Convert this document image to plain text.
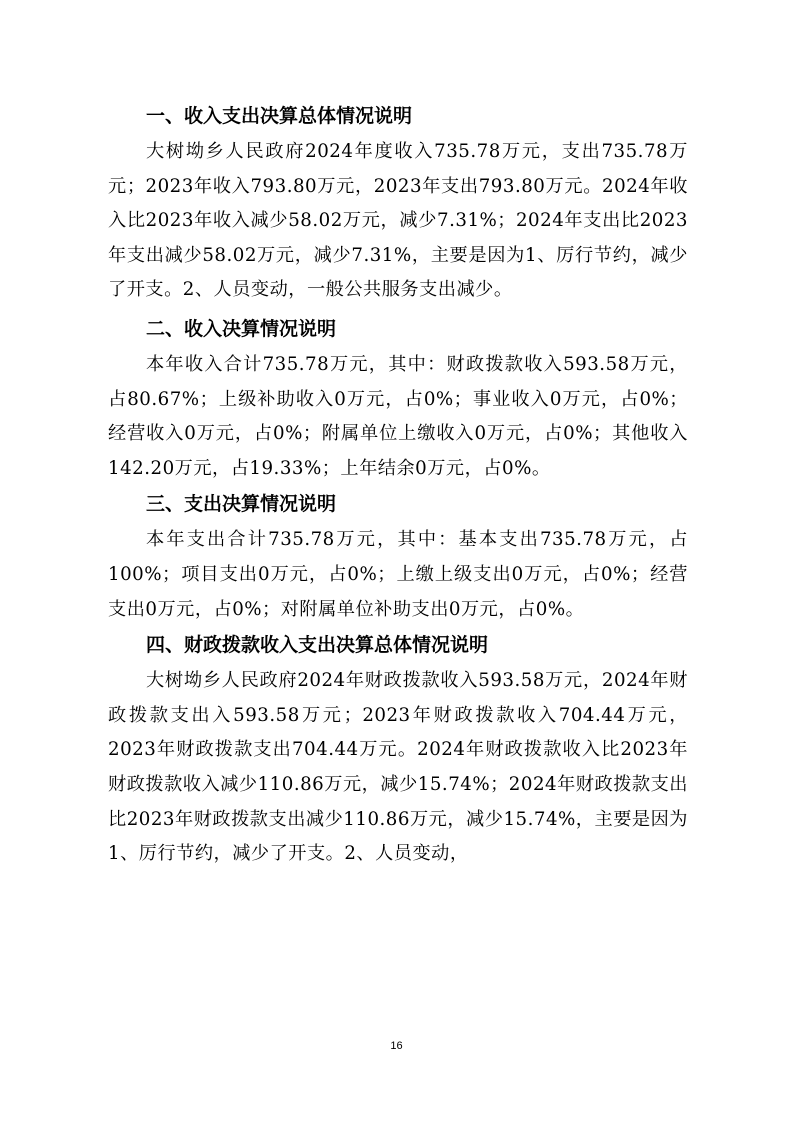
一、收入支出决算总体情况说明

大树坳乡人民政府2024年度收入735.78万元，支出735.78万元；2023年收入793.80万元，2023年支出793.80万元。2024年收入比2023年收入减少58.02万元，减少7.31%；2024年支出比2023年支出减少58.02万元，减少7.31%，主要是因为1、厉行节约，减少了开支。2、人员变动，一般公共服务支出减少。

二、收入决算情况说明

本年收入合计735.78万元，其中：财政拨款收入593.58万元，占80.67%；上级补助收入0万元，占0%；事业收入0万元，占0%；经营收入0万元，占0%；附属单位上缴收入0万元，占0%；其他收入142.20万元，占19.33%；上年结余0万元，占0%。

三、支出决算情况说明

本年支出合计735.78万元，其中：基本支出735.78万元，占100%；项目支出0万元，占0%；上缴上级支出0万元，占0%；经营支出0万元，占0%；对附属单位补助支出0万元，占0%。

四、财政拨款收入支出决算总体情况说明

大树坳乡人民政府2024年财政拨款收入593.58万元，2024年财政拨款支出入593.58万元；2023年财政拨款收入704.44万元，2023年财政拨款支出704.44万元。2024年财政拨款收入比2023年财政拨款收入减少110.86万元，减少15.74%；2024年财政拨款支出比2023年财政拨款支出减少110.86万元，减少15.74%，主要是因为1、厉行节约，减少了开支。2、人员变动，

16
